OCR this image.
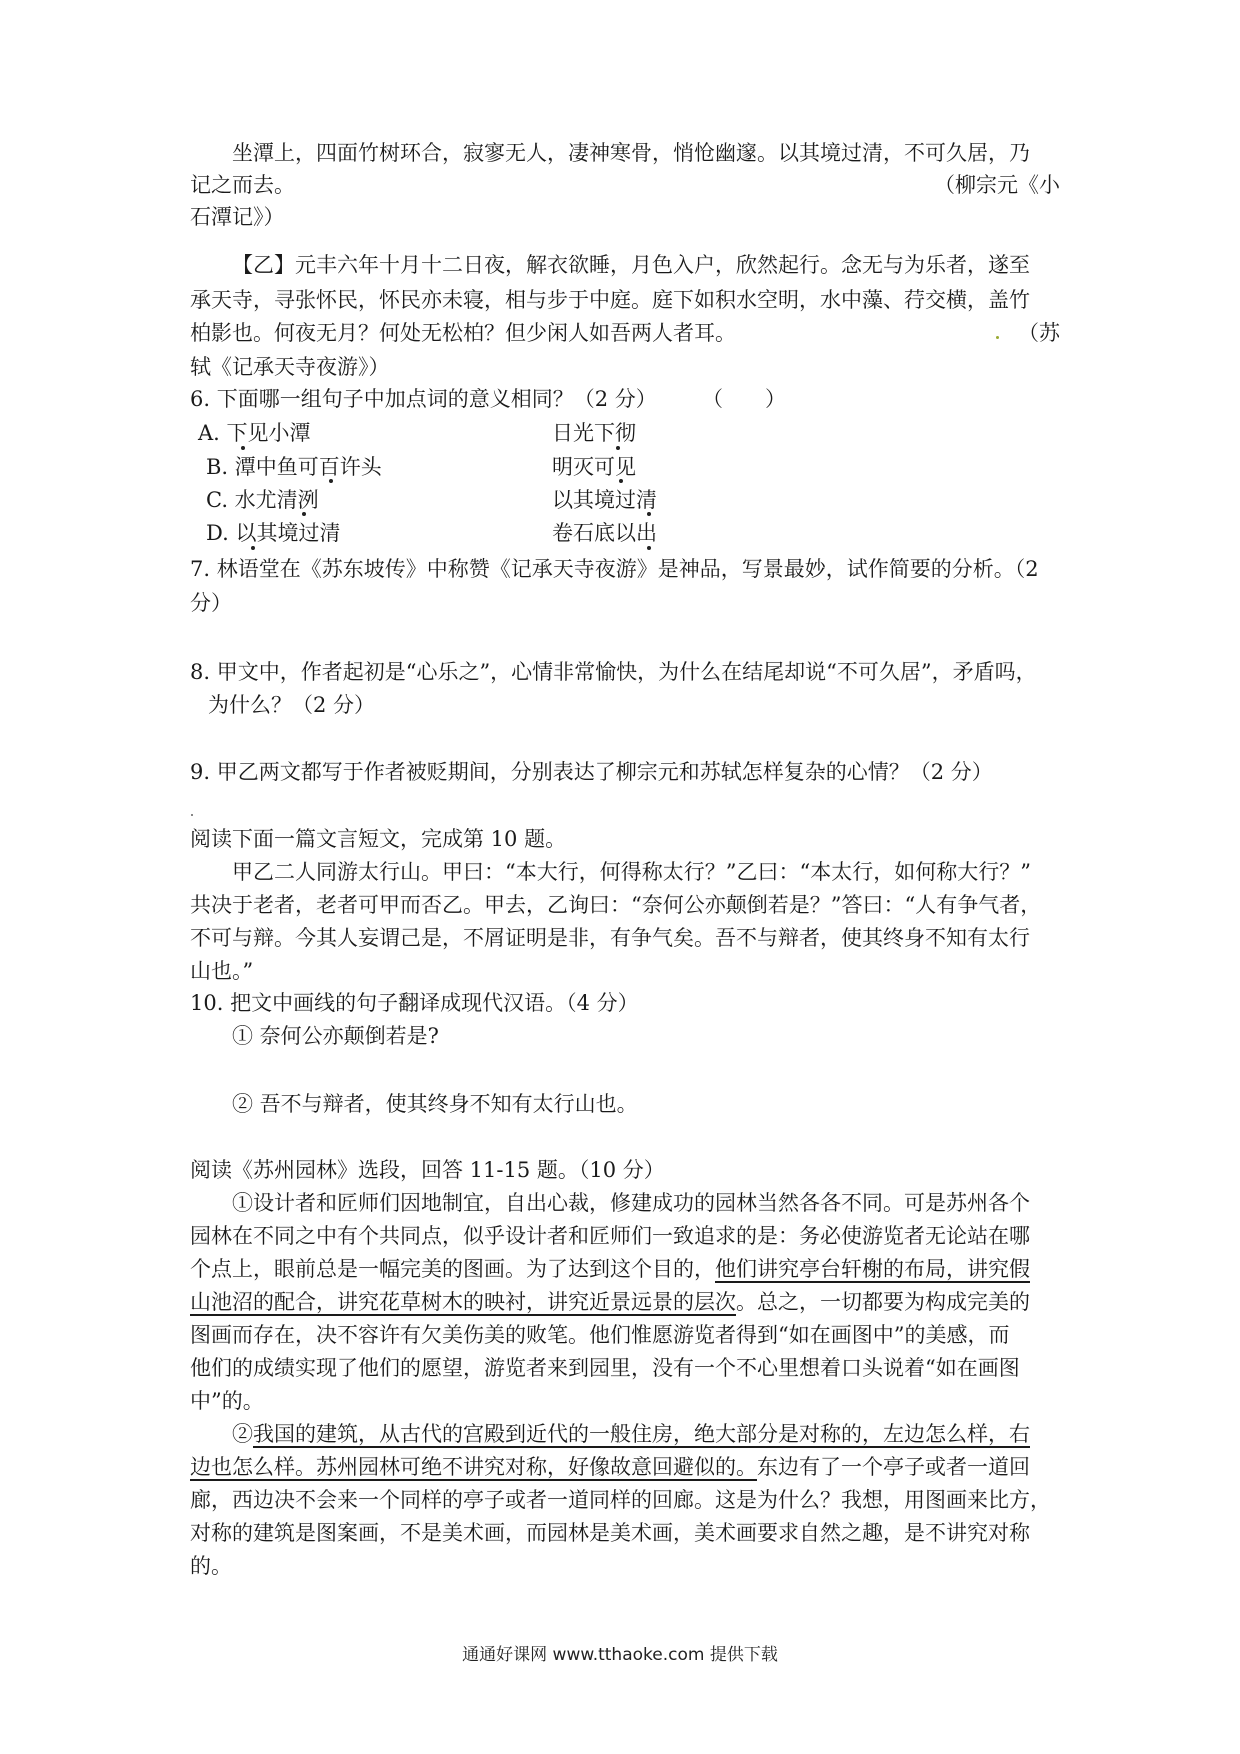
坐潭上，四面竹树环合，寂寥无人，凄神寒骨，悄怆幽邃。以其境过清，不可久居，乃

记之而去。	（柳宗元《小

石潭记》）

【乙】元丰六年十月十二日夜，解衣欲睡，月色入户，欣然起行。念无与为乐者，遂至

承天寺，寻张怀民，怀民亦未寝，相与步于中庭。庭下如积水空明，水中藻、荇交横，盖竹

柏影也。何夜无月？何处无松柏？但少闲人如吾两人者耳。	（苏

轼《记承天寺夜游》）

6. 下面哪一组句子中加点词的意义相同？（2 分） （　　）

A. 下见小潭	日光下彻

B. 潭中鱼可百许头	明灭可见

C. 水尤清洌	以其境过清

D. 以其境过清	卷石底以出

7. 林语堂在《苏东坡传》中称赞《记承天寺夜游》是神品，写景最妙，试作简要的分析。（2

分）

8. 甲文中，作者起初是“心乐之”，心情非常愉快，为什么在结尾却说“不可久居”，矛盾吗，

为什么？（2 分）

9. 甲乙两文都写于作者被贬期间，分别表达了柳宗元和苏轼怎样复杂的心情？（2 分）

阅读下面一篇文言短文，完成第 10 题。

甲乙二人同游太行山。甲曰：“本大行，何得称太行？”乙曰：“本太行，如何称大行？”

共决于老者，老者可甲而否乙。甲去，乙询曰：“奈何公亦颠倒若是？”答曰：“人有争气者，

不可与辩。今其人妄谓己是，不屑证明是非，有争气矣。吾不与辩者，使其终身不知有太行

山也。”

10. 把文中画线的句子翻译成现代汉语。（4 分）

① 奈何公亦颠倒若是?

② 吾不与辩者，使其终身不知有太行山也。

阅读《苏州园林》选段，回答 11-15 题。（10 分）

①设计者和匠师们因地制宜，自出心裁，修建成功的园林当然各各不同。可是苏州各个

园林在不同之中有个共同点，似乎设计者和匠师们一致追求的是：务必使游览者无论站在哪

个点上，眼前总是一幅完美的图画。为了达到这个目的，他们讲究亭台轩榭的布局，讲究假

山池沼的配合，讲究花草树木的映衬，讲究近景远景的层次。总之，一切都要为构成完美的

图画而存在，决不容许有欠美伤美的败笔。他们惟愿游览者得到“如在画图中”的美感，而

他们的成绩实现了他们的愿望，游览者来到园里，没有一个不心里想着口头说着“如在画图

中”的。

②我国的建筑，从古代的宫殿到近代的一般住房，绝大部分是对称的，左边怎么样，右

边也怎么样。苏州园林可绝不讲究对称，好像故意回避似的。东边有了一个亭子或者一道回

廊，西边决不会来一个同样的亭子或者一道同样的回廊。这是为什么？我想，用图画来比方，

对称的建筑是图案画，不是美术画，而园林是美术画，美术画要求自然之趣，是不讲究对称

的。

通通好课网 www.tthaoke.com 提供下载
